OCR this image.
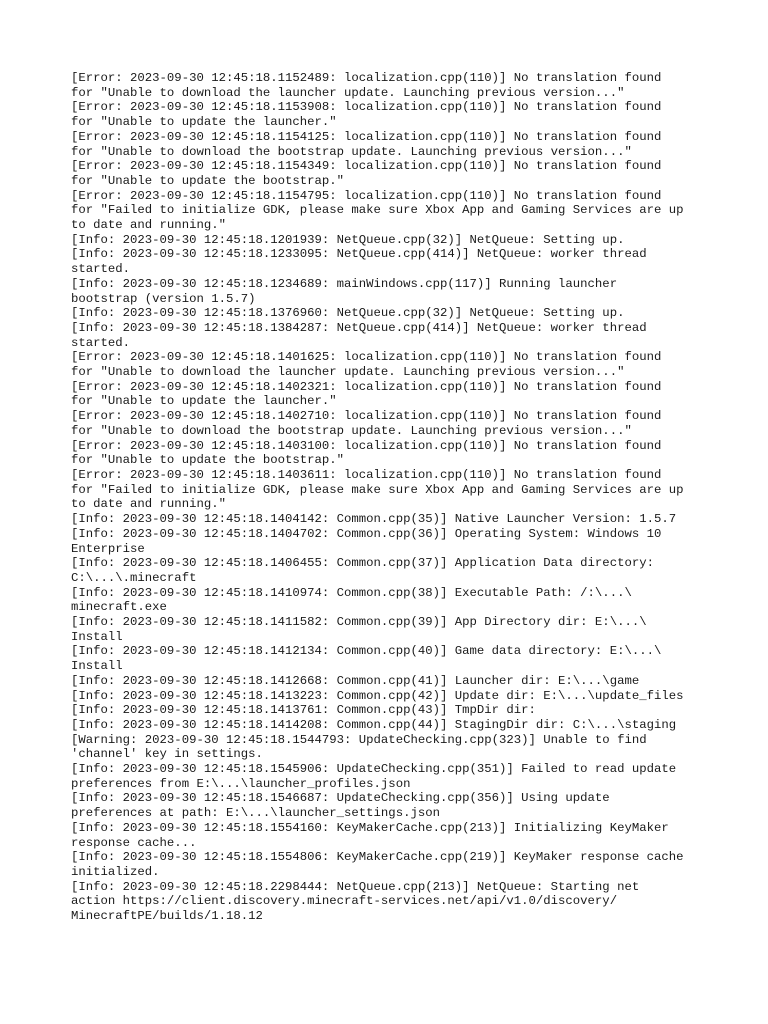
[Error: 2023-09-30 12:45:18.1152489: localization.cpp(110)] No translation found
for "Unable to download the launcher update. Launching previous version..."
[Error: 2023-09-30 12:45:18.1153908: localization.cpp(110)] No translation found
for "Unable to update the launcher."
[Error: 2023-09-30 12:45:18.1154125: localization.cpp(110)] No translation found
for "Unable to download the bootstrap update. Launching previous version..."
[Error: 2023-09-30 12:45:18.1154349: localization.cpp(110)] No translation found
for "Unable to update the bootstrap."
[Error: 2023-09-30 12:45:18.1154795: localization.cpp(110)] No translation found
for "Failed to initialize GDK, please make sure Xbox App and Gaming Services are up
to date and running."
[Info: 2023-09-30 12:45:18.1201939: NetQueue.cpp(32)] NetQueue: Setting up.
[Info: 2023-09-30 12:45:18.1233095: NetQueue.cpp(414)] NetQueue: worker thread
started.
[Info: 2023-09-30 12:45:18.1234689: mainWindows.cpp(117)] Running launcher
bootstrap (version 1.5.7)
[Info: 2023-09-30 12:45:18.1376960: NetQueue.cpp(32)] NetQueue: Setting up.
[Info: 2023-09-30 12:45:18.1384287: NetQueue.cpp(414)] NetQueue: worker thread
started.
[Error: 2023-09-30 12:45:18.1401625: localization.cpp(110)] No translation found
for "Unable to download the launcher update. Launching previous version..."
[Error: 2023-09-30 12:45:18.1402321: localization.cpp(110)] No translation found
for "Unable to update the launcher."
[Error: 2023-09-30 12:45:18.1402710: localization.cpp(110)] No translation found
for "Unable to download the bootstrap update. Launching previous version..."
[Error: 2023-09-30 12:45:18.1403100: localization.cpp(110)] No translation found
for "Unable to update the bootstrap."
[Error: 2023-09-30 12:45:18.1403611: localization.cpp(110)] No translation found
for "Failed to initialize GDK, please make sure Xbox App and Gaming Services are up
to date and running."
[Info: 2023-09-30 12:45:18.1404142: Common.cpp(35)] Native Launcher Version: 1.5.7
[Info: 2023-09-30 12:45:18.1404702: Common.cpp(36)] Operating System: Windows 10
Enterprise
[Info: 2023-09-30 12:45:18.1406455: Common.cpp(37)] Application Data directory:
C:\...\.minecraft
[Info: 2023-09-30 12:45:18.1410974: Common.cpp(38)] Executable Path: /:\...\
minecraft.exe
[Info: 2023-09-30 12:45:18.1411582: Common.cpp(39)] App Directory dir: E:\...\
Install
[Info: 2023-09-30 12:45:18.1412134: Common.cpp(40)] Game data directory: E:\...\
Install
[Info: 2023-09-30 12:45:18.1412668: Common.cpp(41)] Launcher dir: E:\...\game
[Info: 2023-09-30 12:45:18.1413223: Common.cpp(42)] Update dir: E:\...\update_files
[Info: 2023-09-30 12:45:18.1413761: Common.cpp(43)] TmpDir dir:
[Info: 2023-09-30 12:45:18.1414208: Common.cpp(44)] StagingDir dir: C:\...\staging
[Warning: 2023-09-30 12:45:18.1544793: UpdateChecking.cpp(323)] Unable to find
'channel' key in settings.
[Info: 2023-09-30 12:45:18.1545906: UpdateChecking.cpp(351)] Failed to read update
preferences from E:\...\launcher_profiles.json
[Info: 2023-09-30 12:45:18.1546687: UpdateChecking.cpp(356)] Using update
preferences at path: E:\...\launcher_settings.json
[Info: 2023-09-30 12:45:18.1554160: KeyMakerCache.cpp(213)] Initializing KeyMaker
response cache...
[Info: 2023-09-30 12:45:18.1554806: KeyMakerCache.cpp(219)] KeyMaker response cache
initialized.
[Info: 2023-09-30 12:45:18.2298444: NetQueue.cpp(213)] NetQueue: Starting net
action https://client.discovery.minecraft-services.net/api/v1.0/discovery/
MinecraftPE/builds/1.18.12
